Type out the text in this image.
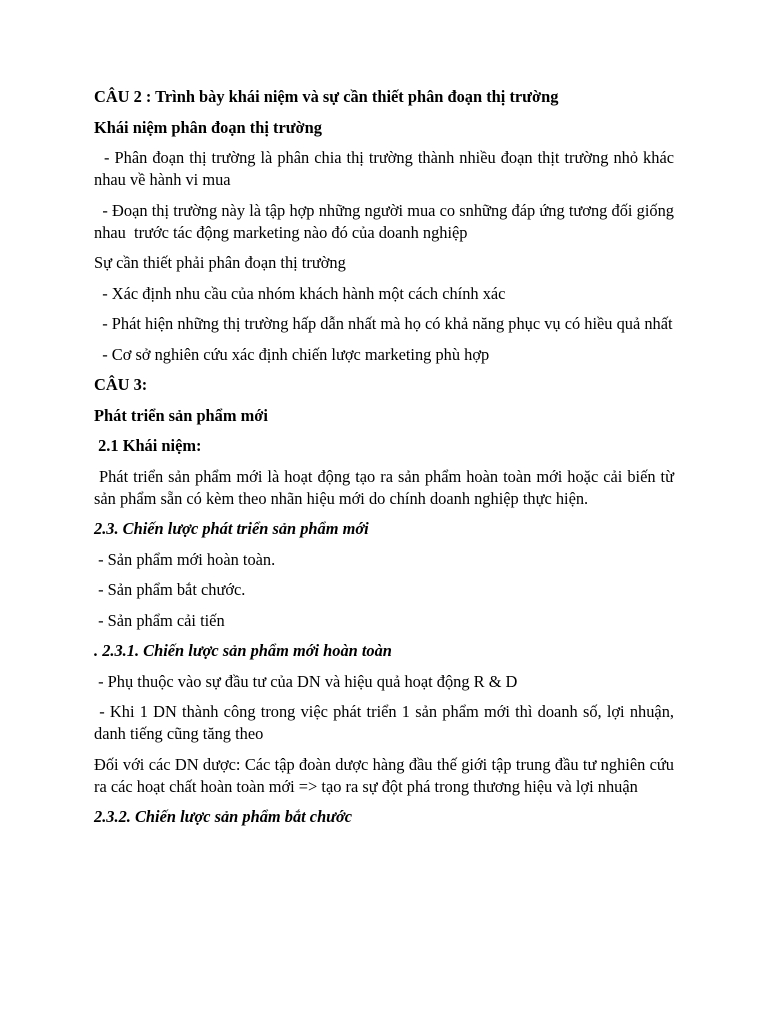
CÂU 2 : Trình bày khái niệm và sự cần thiết phân đoạn thị trường

Khái niệm phân đoạn thị trường

- Phân đoạn thị trường là phân chia thị trường thành nhiều đoạn thịt trường nhỏ khác nhau về hành vi mua

- Đoạn thị trường này là tập hợp những người mua co snhững đáp ứng tương đối giống nhau  trước tác động marketing nào đó của doanh nghiệp

Sự cần thiết phải phân đoạn thị trường

- Xác định nhu cầu của nhóm khách hành một cách chính xác

- Phát hiện những thị trường hấp dẫn nhất mà họ có khả năng phục vụ có hiều quả nhất

- Cơ sở nghiên cứu xác định chiến lược marketing phù hợp

CÂU 3:

Phát triển sản phẩm mới

2.1 Khái niệm:

Phát triển sản phẩm mới là hoạt động tạo ra sản phẩm hoàn toàn mới hoặc cải biến từ sản phẩm sẵn có kèm theo nhãn hiệu mới do chính doanh nghiệp thực hiện.

2.3. Chiến lược phát triển sản phẩm mới

- Sản phẩm mới hoàn toàn.

- Sản phẩm bắt chước.

- Sản phẩm cải tiến

. 2.3.1. Chiến lược sản phẩm mới hoàn toàn

- Phụ thuộc vào sự đầu tư của DN và hiệu quả hoạt động R & D

- Khi 1 DN thành công trong việc phát triển 1 sản phẩm mới thì doanh số, lợi nhuận, danh tiếng cũng tăng theo

Đối với các DN dược: Các tập đoàn dược hàng đầu thế giới tập trung đầu tư nghiên cứu ra các hoạt chất hoàn toàn mới => tạo ra sự đột phá trong thương hiệu và lợi nhuận

2.3.2. Chiến lược sản phẩm bắt chước
